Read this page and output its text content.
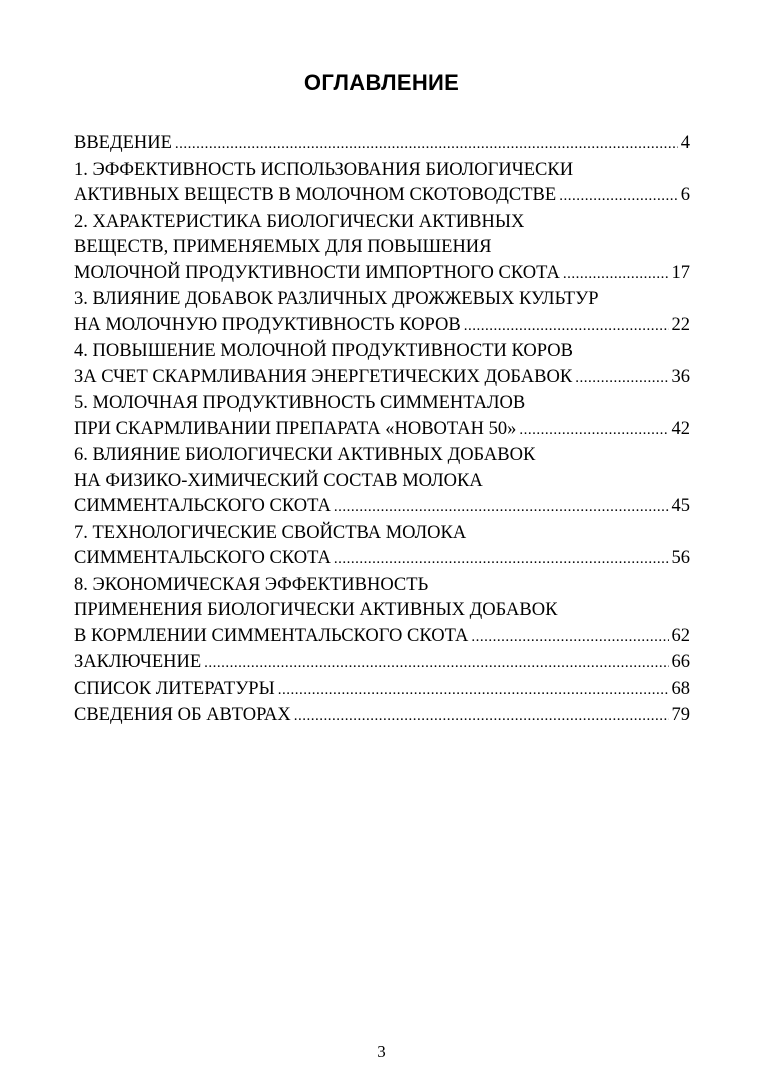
ОГЛАВЛЕНИЕ
ВВЕДЕНИЕ .....	4
1. ЭФФЕКТИВНОСТЬ ИСПОЛЬЗОВАНИЯ БИОЛОГИЧЕСКИ
АКТИВНЫХ ВЕЩЕСТВ В МОЛОЧНОМ СКОТОВОДСТВЕ .....	6
2. ХАРАКТЕРИСТИКА БИОЛОГИЧЕСКИ АКТИВНЫХ
ВЕЩЕСТВ, ПРИМЕНЯЕМЫХ ДЛЯ ПОВЫШЕНИЯ
МОЛОЧНОЙ ПРОДУКТИВНОСТИ ИМПОРТНОГО СКОТА .....	17
3. ВЛИЯНИЕ ДОБАВОК РАЗЛИЧНЫХ ДРОЖЖЕВЫХ КУЛЬТУР
НА МОЛОЧНУЮ ПРОДУКТИВНОСТЬ КОРОВ .....	22
4. ПОВЫШЕНИЕ МОЛОЧНОЙ ПРОДУКТИВНОСТИ КОРОВ
ЗА СЧЕТ СКАРМЛИВАНИЯ ЭНЕРГЕТИЧЕСКИХ ДОБАВОК .....	36
5. МОЛОЧНАЯ ПРОДУКТИВНОСТЬ СИММЕНТАЛОВ
ПРИ СКАРМЛИВАНИИ ПРЕПАРАТА «НОВОТАН 50» .....	42
6. ВЛИЯНИЕ БИОЛОГИЧЕСКИ АКТИВНЫХ ДОБАВОК
НА ФИЗИКО-ХИМИЧЕСКИЙ СОСТАВ МОЛОКА
СИММЕНТАЛЬСКОГО СКОТА .....	45
7. ТЕХНОЛОГИЧЕСКИЕ СВОЙСТВА МОЛОКА
СИММЕНТАЛЬСКОГО СКОТА .....	56
8. ЭКОНОМИЧЕСКАЯ ЭФФЕКТИВНОСТЬ
ПРИМЕНЕНИЯ БИОЛОГИЧЕСКИ АКТИВНЫХ ДОБАВОК
В КОРМЛЕНИИ СИММЕНТАЛЬСКОГО СКОТА .....	62
ЗАКЛЮЧЕНИЕ .....	66
СПИСОК ЛИТЕРАТУРЫ .....	68
СВЕДЕНИЯ ОБ АВТОРАХ .....	79
3
